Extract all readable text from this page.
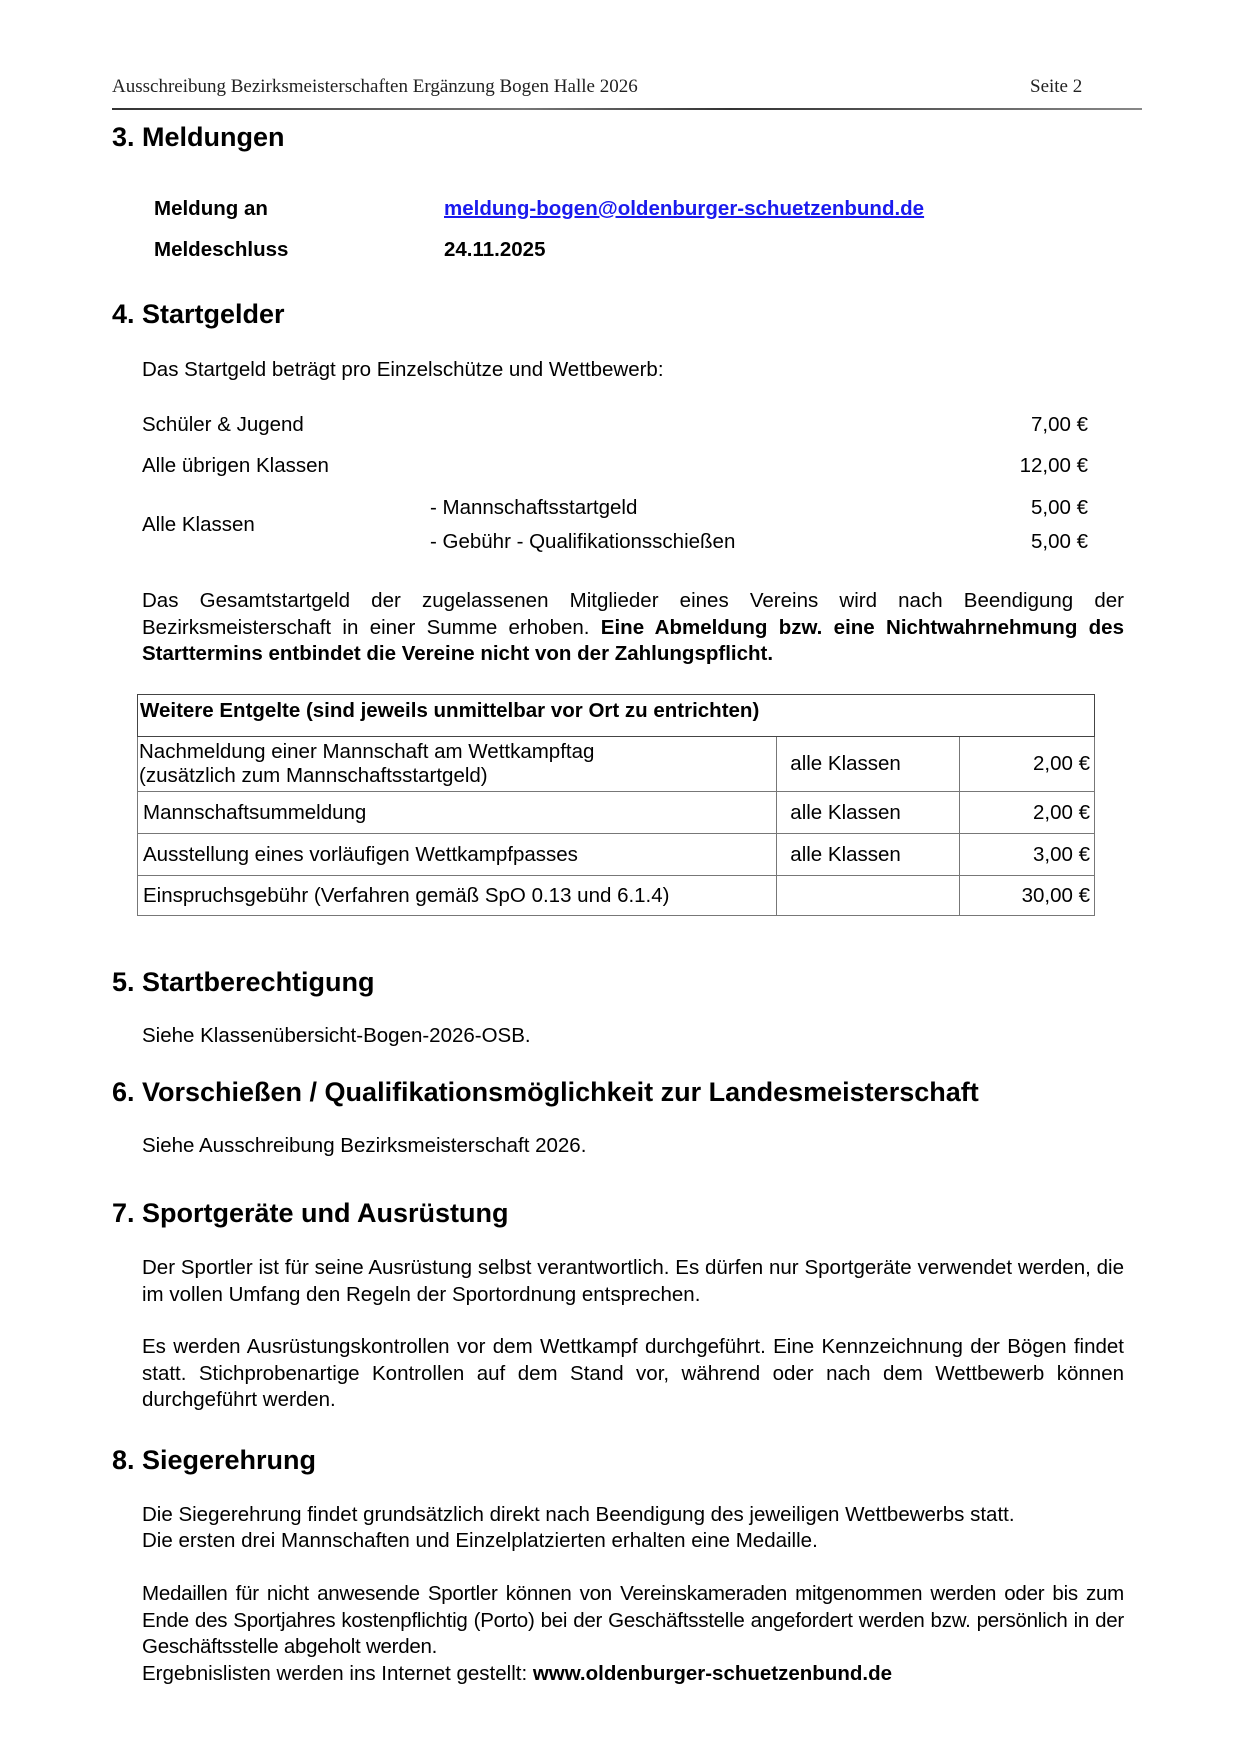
Ausschreibung Bezirksmeisterschaften Ergänzung Bogen Halle 2026	Seite 2
3. Meldungen
Meldung an	meldung-bogen@oldenburger-schuetzenbund.de
Meldeschluss	24.11.2025
4. Startgelder
Das Startgeld beträgt pro Einzelschütze und Wettbewerb:
Schüler & Jugend	7,00 €
Alle übrigen Klassen	12,00 €
Alle Klassen
- Mannschaftsstartgeld	5,00 €
- Gebühr - Qualifikationsschießen	5,00 €
Das Gesamtstartgeld der zugelassenen Mitglieder eines Vereins wird nach Beendigung der Bezirksmeisterschaft in einer Summe erhoben. Eine Abmeldung bzw. eine Nichtwahrnehmung des Starttermins entbindet die Vereine nicht von der Zahlungspflicht.
Weitere Entgelte (sind jeweils unmittelbar vor Ort zu entrichten)		

Nachmeldung einer Mannschaft am Wettkampftag
(zusätzlich zum Mannschaftsstartgeld)	alle Klassen	2,00 €
Mannschaftsummeldung	alle Klassen	2,00 €
Ausstellung eines vorläufigen Wettkampfpasses	alle Klassen	3,00 €
Einspruchsgebühr (Verfahren gemäß SpO 0.13 und 6.1.4)		30,00 €
5. Startberechtigung
Siehe Klassenübersicht-Bogen-2026-OSB.
6. Vorschießen / Qualifikationsmöglichkeit zur Landesmeisterschaft
Siehe Ausschreibung Bezirksmeisterschaft 2026.
7. Sportgeräte und Ausrüstung
Der Sportler ist für seine Ausrüstung selbst verantwortlich. Es dürfen nur Sportgeräte verwendet werden, die im vollen Umfang den Regeln der Sportordnung entsprechen.
Es werden Ausrüstungskontrollen vor dem Wettkampf durchgeführt. Eine Kennzeichnung der Bögen findet statt. Stichprobenartige Kontrollen auf dem Stand vor, während oder nach dem Wettbewerb können durchgeführt werden.
8. Siegerehrung
Die Siegerehrung findet grundsätzlich direkt nach Beendigung des jeweiligen Wettbewerbs statt.
Die ersten drei Mannschaften und Einzelplatzierten erhalten eine Medaille.
Medaillen für nicht anwesende Sportler können von Vereinskameraden mitgenommen werden oder bis zum Ende des Sportjahres kostenpflichtig (Porto) bei der Geschäftsstelle angefordert werden bzw. persönlich in der Geschäftsstelle abgeholt werden.
Ergebnislisten werden ins Internet gestellt: www.oldenburger-schuetzenbund.de
